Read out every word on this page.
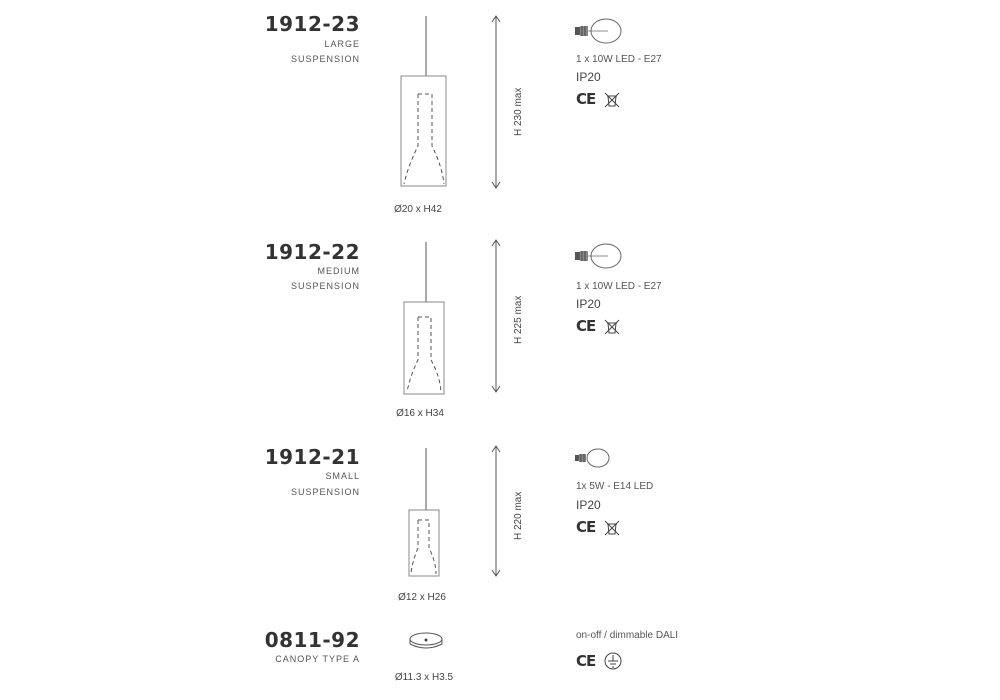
1912-23
LARGE
SUSPENSION
H 230 max
Ø20 x H42
1 x 10W LED - E27
IP20
CE
1912-22
MEDIUM
SUSPENSION
H 225 max
Ø16 x H34
1 x 10W LED - E27
IP20
CE
1912-21
SMALL
SUSPENSION	H 220 max
Ø12 x H26
1x 5W - E14 LED
IP20
CE
0811-92
CANOPY TYPE A
Ø11.3 x H3.5
on-off / dimmable DALI
CE
